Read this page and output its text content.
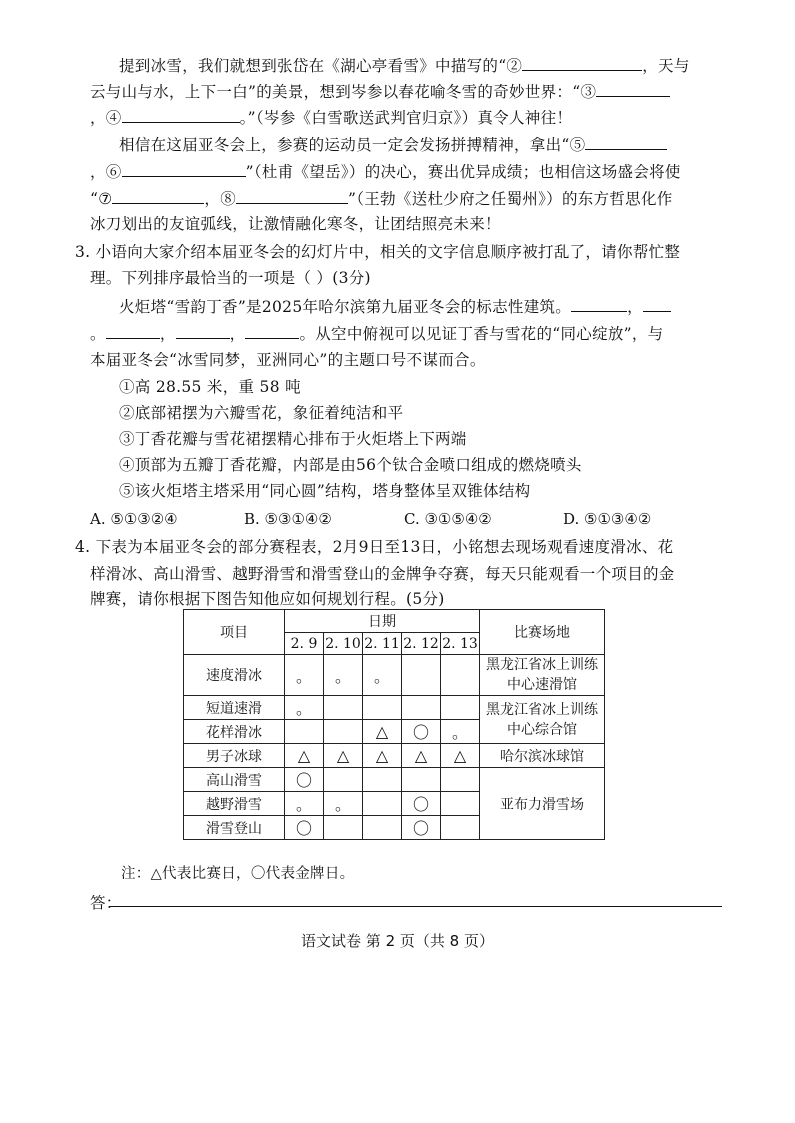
提到冰雪，我们就想到张岱在《湖心亭看雪》中描写的“②	，天与
云与山与水，上下一白”的美景，想到岑参以春花喻冬雪的奇妙世界：“③
，④	。”（岑参《白雪歌送武判官归京》）真令人神往！
相信在这届亚冬会上，参赛的运动员一定会发扬拼搏精神，拿出“⑤
，⑥	”（杜甫《望岳》）的决心，赛出优异成绩；也相信这场盛会将使
“⑦	，⑧	”（王勃《送杜少府之任蜀州》）的东方哲思化作
冰刀划出的友谊弧线，让激情融化寒冬，让团结照亮未来！
3. 小语向大家介绍本届亚冬会的幻灯片中，相关的文字信息顺序被打乱了，请你帮忙整
理。下列排序最恰当的一项是（ ）(3分)
火炬塔“雪韵丁香”是2025年哈尔滨第九届亚冬会的标志性建筑。	，
。	，	，	。从空中俯视可以见证丁香与雪花的“同心绽放”，与
本届亚冬会“冰雪同梦，亚洲同心”的主题口号不谋而合。
①高 28.55 米，重 58 吨
②底部裙摆为六瓣雪花，象征着纯洁和平
③丁香花瓣与雪花裙摆精心排布于火炬塔上下两端
④顶部为五瓣丁香花瓣，内部是由56个钛合金喷口组成的燃烧喷头
⑤该火炬塔主塔采用“同心圆”结构，塔身整体呈双锥体结构
A. ⑤①③②④	B. ⑤③①④②	C. ③①⑤④②	D. ⑤①③④②
4. 下表为本届亚冬会的部分赛程表，2月9日至13日，小铭想去现场观看速度滑冰、花
样滑冰、高山滑雪、越野滑雪和滑雪登山的金牌争夺赛，每天只能观看一个项目的金
牌赛，请你根据下图告知他应如何规划行程。(5分)
项目	日期					比赛场地
	2. 9	2. 10	2. 11	2. 12	2. 13	
速度滑冰	。	。	。			黑龙江省冰上训练中心速滑馆
短道速滑	。					黑龙江省冰上训练中心综合馆
花样滑冰			△	〇	。	
男子冰球	△	△	△	△	△	哈尔滨冰球馆
高山滑雪	〇					亚布力滑雪场
越野滑雪	。	。		〇		
滑雪登山	〇			〇		
注：△代表比赛日，〇代表金牌日。
答：
语文试卷 第 2 页（共 8 页）
